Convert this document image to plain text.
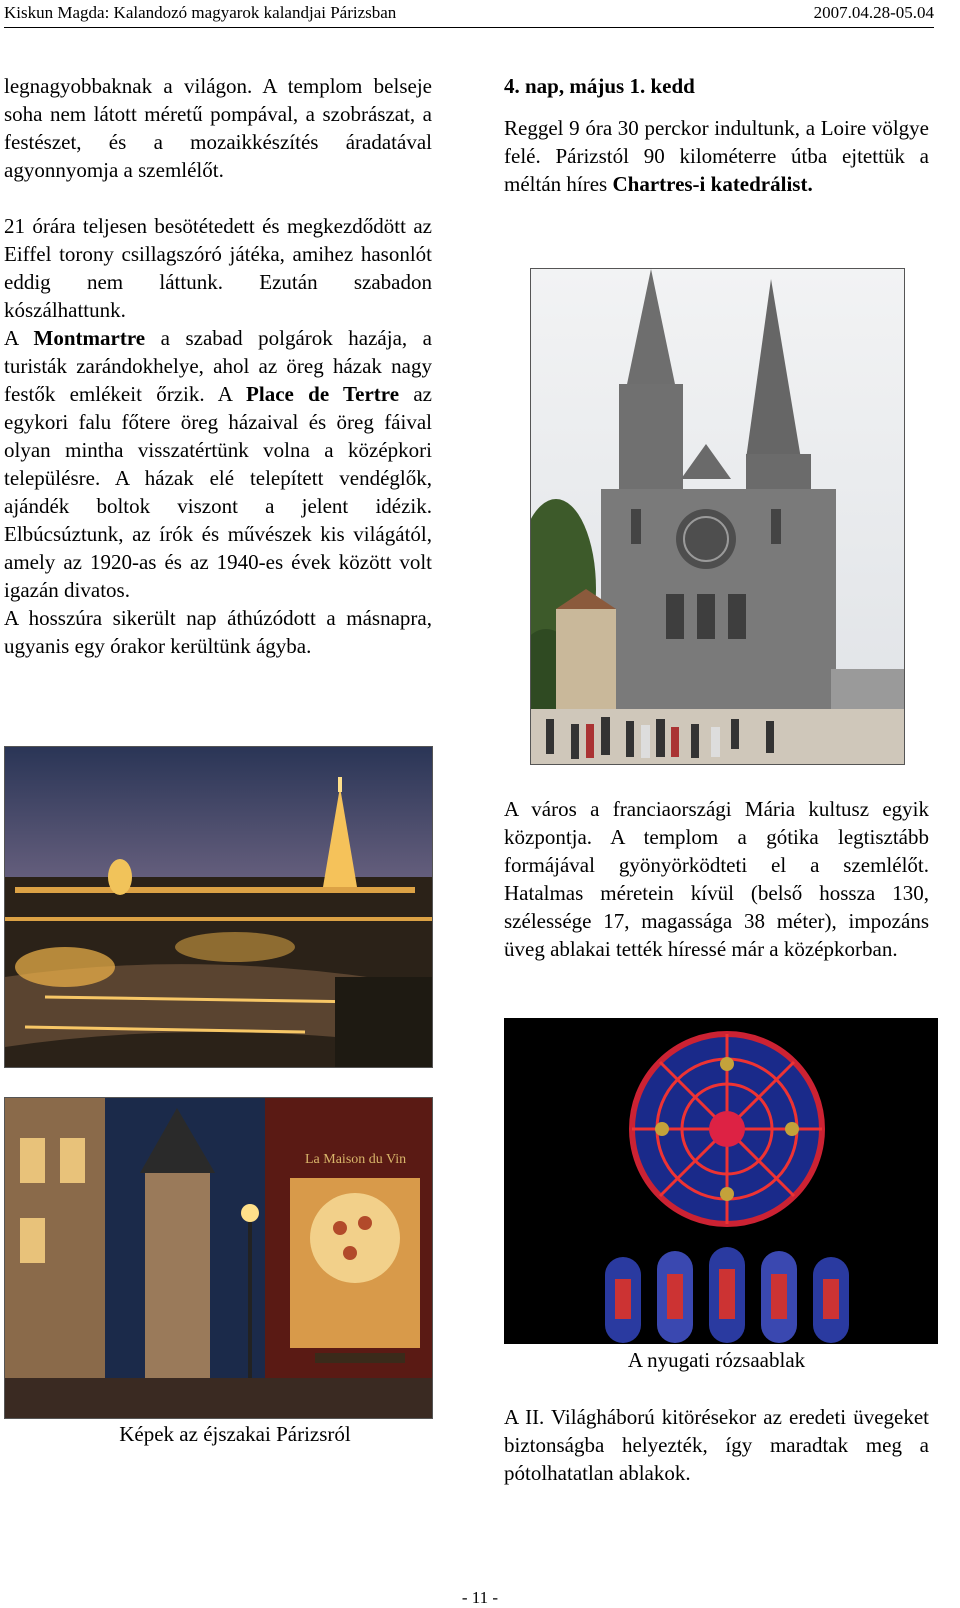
Kiskun Magda: Kalandozó magyarok kalandjai Párizsban	2007.04.28-05.04

legnagyobbaknak a világon. A templom belseje soha nem látott méretű pompával, a szobrászat, a festészet, és a mozaikkészítés áradatával agyonnyomja a szemlélőt.

21 órára teljesen besötétedett és megkezdődött az Eiffel torony csillagszóró játéka, amihez hasonlót eddig nem láttunk. Ezután szabadon kószálhattunk.

A Montmartre a szabad polgárok hazája, a turisták zarándokhelye, ahol az öreg házak nagy festők emlékeit őrzik. A Place de Tertre az egykori falu főtere öreg házaival és öreg fáival olyan mintha visszatértünk volna a középkori településre. A házak elé telepített vendéglők, ajándék boltok viszont a jelent idézik. Elbúcsúztunk, az írók és művészek kis világától, amely az 1920-as és az 1940-es évek között volt igazán divatos.

A hosszúra sikerült nap áthúzódott a másnapra, ugyanis egy órakor kerültünk ágyba.

4. nap, május 1. kedd

Reggel 9 óra 30 perckor indultunk, a Loire völgye felé. Párizstól 90 kilométerre útba ejtettük a méltán híres Chartres-i katedrálist.

A város a franciaországi Mária kultusz egyik központja. A templom a gótika legtisztább formájával gyönyörködteti el a szemlélőt. Hatalmas méretein kívül (belső hossza 130, szélessége 17, magassága 38 méter), impozáns üveg ablakai tették híressé már a középkorban.

A nyugati rózsaablak
La Maison du Vin
Képek az éjszakai Párizsról

A II. Világháború kitörésekor az eredeti üvegeket biztonságba helyezték, így maradtak meg a pótolhatatlan ablakok.

- 11 -
